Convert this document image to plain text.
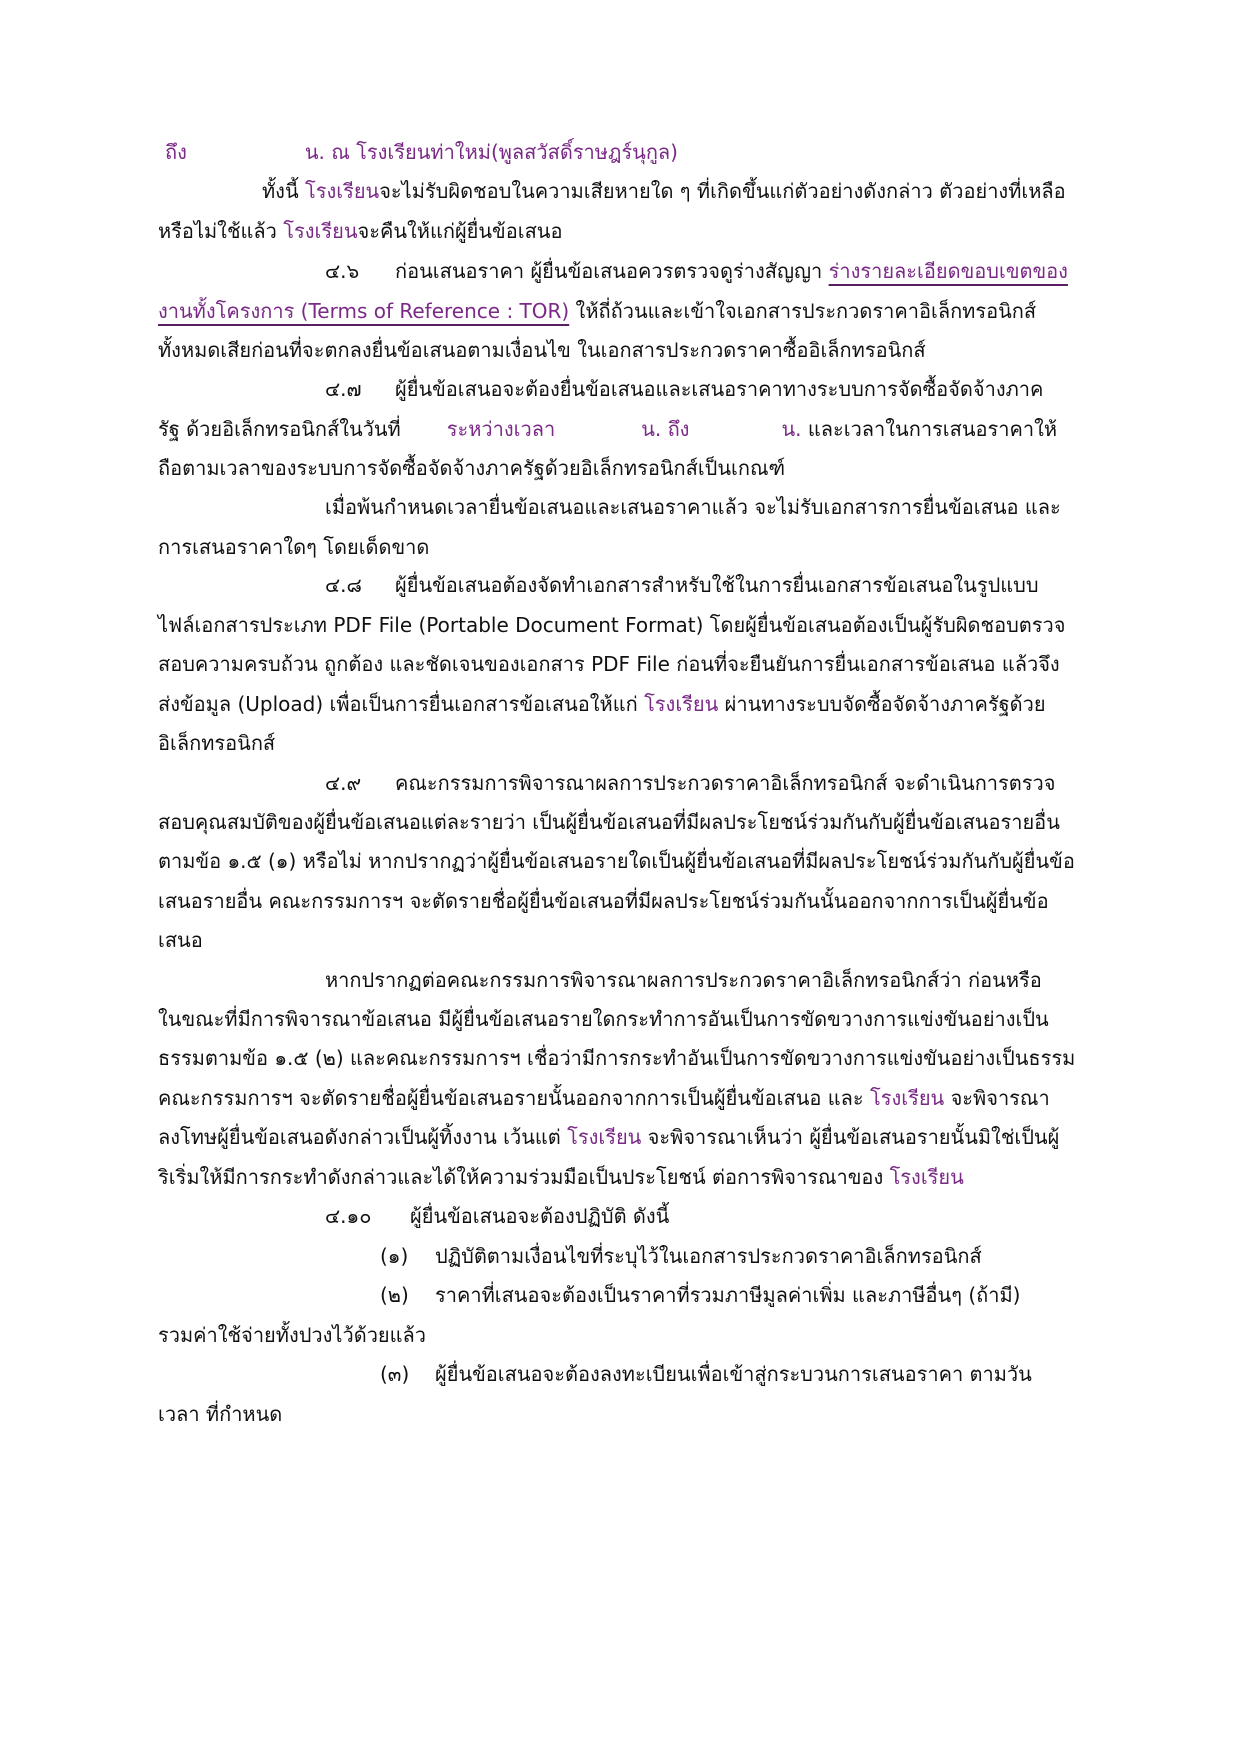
ถึง	น. ณ โรงเรียนท่าใหม่(พูลสวัสดิ์ราษฎร์นุกูล)
ทั้งนี้ โรงเรียนจะไม่รับผิดชอบในความเสียหายใด ๆ ที่เกิดขึ้นแก่ตัวอย่างดังกล่าว ตัวอย่างที่เหลือ
หรือไม่ใช้แล้ว โรงเรียนจะคืนให้แก่ผู้ยื่นข้อเสนอ
๔.๖ ก่อนเสนอราคา ผู้ยื่นข้อเสนอควรตรวจดูร่างสัญญา ร่างรายละเอียดขอบเขตของ
งานทั้งโครงการ (Terms of Reference : TOR) ให้ถี่ถ้วนและเข้าใจเอกสารประกวดราคาอิเล็กทรอนิกส์
ทั้งหมดเสียก่อนที่จะตกลงยื่นข้อเสนอตามเงื่อนไข ในเอกสารประกวดราคาซื้ออิเล็กทรอนิกส์
๔.๗ ผู้ยื่นข้อเสนอจะต้องยื่นข้อเสนอและเสนอราคาทางระบบการจัดซื้อจัดจ้างภาค
รัฐ ด้วยอิเล็กทรอนิกส์ในวันที่ ระหว่างเวลา	น. ถึง	น. และเวลาในการเสนอราคาให้
ถือตามเวลาของระบบการจัดซื้อจัดจ้างภาครัฐด้วยอิเล็กทรอนิกส์เป็นเกณฑ์
เมื่อพ้นกำหนดเวลายื่นข้อเสนอและเสนอราคาแล้ว จะไม่รับเอกสารการยื่นข้อเสนอ และ
การเสนอราคาใดๆ โดยเด็ดขาด
๔.๘ ผู้ยื่นข้อเสนอต้องจัดทำเอกสารสำหรับใช้ในการยื่นเอกสารข้อเสนอในรูปแบบ
ไฟล์เอกสารประเภท PDF File (Portable Document Format) โดยผู้ยื่นข้อเสนอต้องเป็นผู้รับผิดชอบตรวจ
สอบความครบถ้วน ถูกต้อง และชัดเจนของเอกสาร PDF File ก่อนที่จะยืนยันการยื่นเอกสารข้อเสนอ แล้วจึง
ส่งข้อมูล (Upload) เพื่อเป็นการยื่นเอกสารข้อเสนอให้แก่ โรงเรียน ผ่านทางระบบจัดซื้อจัดจ้างภาครัฐด้วย
อิเล็กทรอนิกส์
๔.๙ คณะกรรมการพิจารณาผลการประกวดราคาอิเล็กทรอนิกส์ จะดำเนินการตรวจ
สอบคุณสมบัติของผู้ยื่นข้อเสนอแต่ละรายว่า เป็นผู้ยื่นข้อเสนอที่มีผลประโยชน์ร่วมกันกับผู้ยื่นข้อเสนอรายอื่น
ตามข้อ ๑.๕ (๑) หรือไม่ หากปรากฏว่าผู้ยื่นข้อเสนอรายใดเป็นผู้ยื่นข้อเสนอที่มีผลประโยชน์ร่วมกันกับผู้ยื่นข้อ
เสนอรายอื่น คณะกรรมการฯ จะตัดรายชื่อผู้ยื่นข้อเสนอที่มีผลประโยชน์ร่วมกันนั้นออกจากการเป็นผู้ยื่นข้อ
เสนอ
หากปรากฏต่อคณะกรรมการพิจารณาผลการประกวดราคาอิเล็กทรอนิกส์ว่า ก่อนหรือ
ในขณะที่มีการพิจารณาข้อเสนอ มีผู้ยื่นข้อเสนอรายใดกระทำการอันเป็นการขัดขวางการแข่งขันอย่างเป็น
ธรรมตามข้อ ๑.๕ (๒) และคณะกรรมการฯ เชื่อว่ามีการกระทำอันเป็นการขัดขวางการแข่งขันอย่างเป็นธรรม
คณะกรรมการฯ จะตัดรายชื่อผู้ยื่นข้อเสนอรายนั้นออกจากการเป็นผู้ยื่นข้อเสนอ และ โรงเรียน จะพิจารณา
ลงโทษผู้ยื่นข้อเสนอดังกล่าวเป็นผู้ทิ้งงาน เว้นแต่ โรงเรียน จะพิจารณาเห็นว่า ผู้ยื่นข้อเสนอรายนั้นมิใช่เป็นผู้
ริเริ่มให้มีการกระทำดังกล่าวและได้ให้ความร่วมมือเป็นประโยชน์ ต่อการพิจารณาของ โรงเรียน
๔.๑๐ ผู้ยื่นข้อเสนอจะต้องปฏิบัติ ดังนี้
(๑) ปฏิบัติตามเงื่อนไขที่ระบุไว้ในเอกสารประกวดราคาอิเล็กทรอนิกส์
(๒) ราคาที่เสนอจะต้องเป็นราคาที่รวมภาษีมูลค่าเพิ่ม และภาษีอื่นๆ (ถ้ามี)
รวมค่าใช้จ่ายทั้งปวงไว้ด้วยแล้ว
(๓) ผู้ยื่นข้อเสนอจะต้องลงทะเบียนเพื่อเข้าสู่กระบวนการเสนอราคา ตามวัน
เวลา ที่กำหนด
